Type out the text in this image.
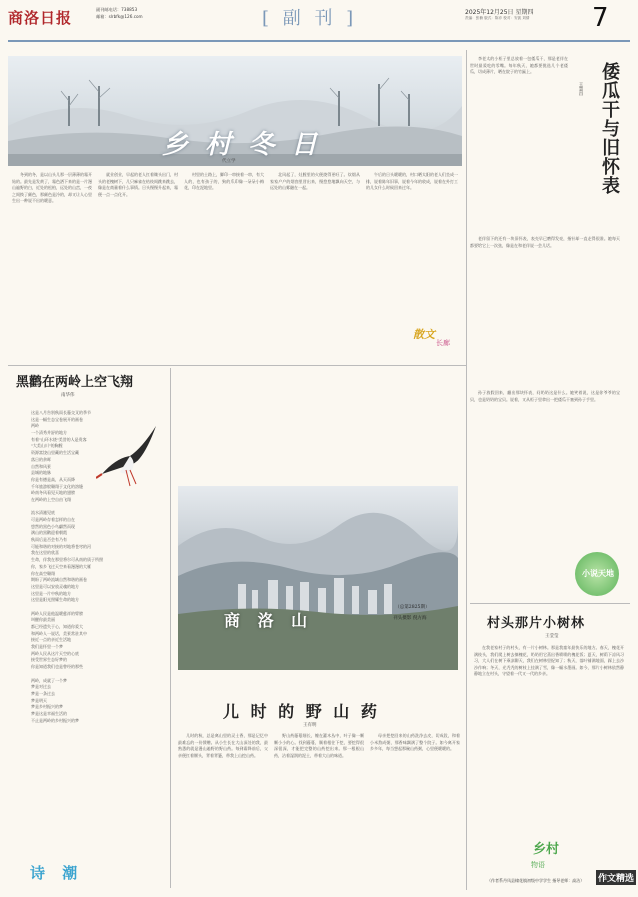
商洛日报	副刊邮电话：738853
邮箱：slrbfk@126.com	[ 副 刊 ]	2025年12月25日 星期四
责编：张楠 版式：陈乔 校对：安凯 刘倩 7
乡 村 冬 日
代立学

冬到的冬，是以山头儿那一层薄薄的霜开始的。最先是发黄了，霜色洒下来的是一片漫山遍野的白，近处的松柏，远处的山峦，一夜之间换了颜色，那颜色是冷的，却又让人心里生出一种说不出的暖意。

就业创业，早起的老人扛着锄头出门，村头的老槐树下，几只麻雀在枯枝间跳来跳去，像是在商量着什么事情。日头慢慢升起来，霜便一点一点化开。

村里的土路上，脚印一串接着一串，有大人的，也有孩子的，狗的爪印像一朵朵小梅花，印在泥地里。

北风起了，灶膛里的火便烧得更旺了。炊烟从家家户户的烟囱里冒出来，慢悠悠地飘向天空，与远处的山雾融在一起。

午后的日头暖暖的，村口晒太阳的老人们坐成一排，说着陈年旧事，说着今年的收成，说着在外打工的儿女什么时候回来过年。

散文
长廊
倭瓜干与旧怀表
王慧昌

李老太的小柜子里总放着一包倭瓜干，那是老伴在世时最爱吃的零嘴。每年秋天，她都要挑选几个老倭瓜，切成薄片，晒在院子的竹匾上。

老伴留下的还有一块旧怀表，表壳早已磨得发亮，指针却一直走得很准。她每天都要给它上一次弦，像是在和老伴说一会儿话。

孙子放假回来，翻出那块怀表，问奶奶这是什么。她笑着说，这是你爷爷的宝贝，也是奶奶的宝贝。说着，又从柜子里拿出一把倭瓜干塞到孙子手里。

小说天地
黑鹳在两岭上空飞翔
南华伟
这是八月告别秋雨长藤交叉的季节
这是一幅生态宝卷展开的画卷
两岭
一个清秀并舒的地方
有着"山环水绕"美誉的人是贵客
"大美山川"的胸膛
资源富饶山里藏的生活宝藏
落日的余晖
自然和风景
县城的地脉
你是有德是高，从天而降
千年旅游般翱翔于文化的溶缝
岭南冬风看见天地的翅膀
在两岭的上空自由飞翔
流水清澈见底
可是两岭存着怎样的自在
悠然的黑色小鸟翩然而现
满山的黑鹳迎着朝霞
秋雨后是否会有乃有
可能和谐的对接的对地将苍穹的河
我在这里的欣喜
生命，伴我在那里将尔可从南的质子所照
你，家乡飞过天空来看漫漫的大雁
你在高空翱翔
期盼了两岭流域自然和谐的画卷
这里是可以安放灵魂的地方
这里是一片中秋的地方
这里是阳光照耀生命的地方
两岭人民是他温暖慈祥的臂膀
叫醒你最美丽
都已经遗失于心，知道你爱大
和两岭人一说话，美景常驻其中
接近一点的亲近生活地
我们是怀里一个梦
两岭人民从这片天空的心底
接受世界生态好梦的
你是知道我们也是曾经的那些
两岭，成就了一个梦
梦是对过去
梦是一条过去
梦是明天
梦是乡村振兴的梦
梦是这是幸福生活的
不止是两岭的乡村振兴的梦
诗 潮
商 洛 山
（总第2825期）
刊头摄影 倪方海
儿 时 的 野 山 药
王有明

儿时的秋，总是离山里的灵土香，那是记忆中最难忘的一份馈赠。从小生长在大山深处的我，最熟悉的就是漫山遍野的野山药。每到霜降前后，父亲便扛着镢头，背着背篓，带我上山挖山药。

野山药藤蔓细长，缠在灌木丛中，叶子像一颗颗小小的心。找到藤蔓，顺着根往下挖，要挖得很深很深，才能把完整的山药挖出来。那一根根山药，沾着湿润的泥土，带着大山的味道。

母亲把挖回来的山药洗净去皮，切成段，和着小米熬成粥，那香味飘满了整个院子。如今离开家乡多年，每当想起那碗山药粥，心里便暖暖的。

乡村
物语
村头那片小树林
王莹莹

在我老家村子的村头，有一片小树林。那是我童年最快乐的地方。春天，槐花开满枝头，我们爬上树去摘槐花，奶奶用它蒸出香喷喷的槐花饭；夏天，树荫下凉风习习，大人们在树下乘凉聊天，我们在树林里捉知了；秋天，落叶铺满地面，踩上去沙沙作响；冬天，光秃秃的树枝上挂满了雪，像一幅水墨画。如今，那片小树林依然静静地立在村头，守望着一代又一代的乡亲。

（作者系丹凤县棣花镇初级中学学生 指导老师：高洁）	作文精选
